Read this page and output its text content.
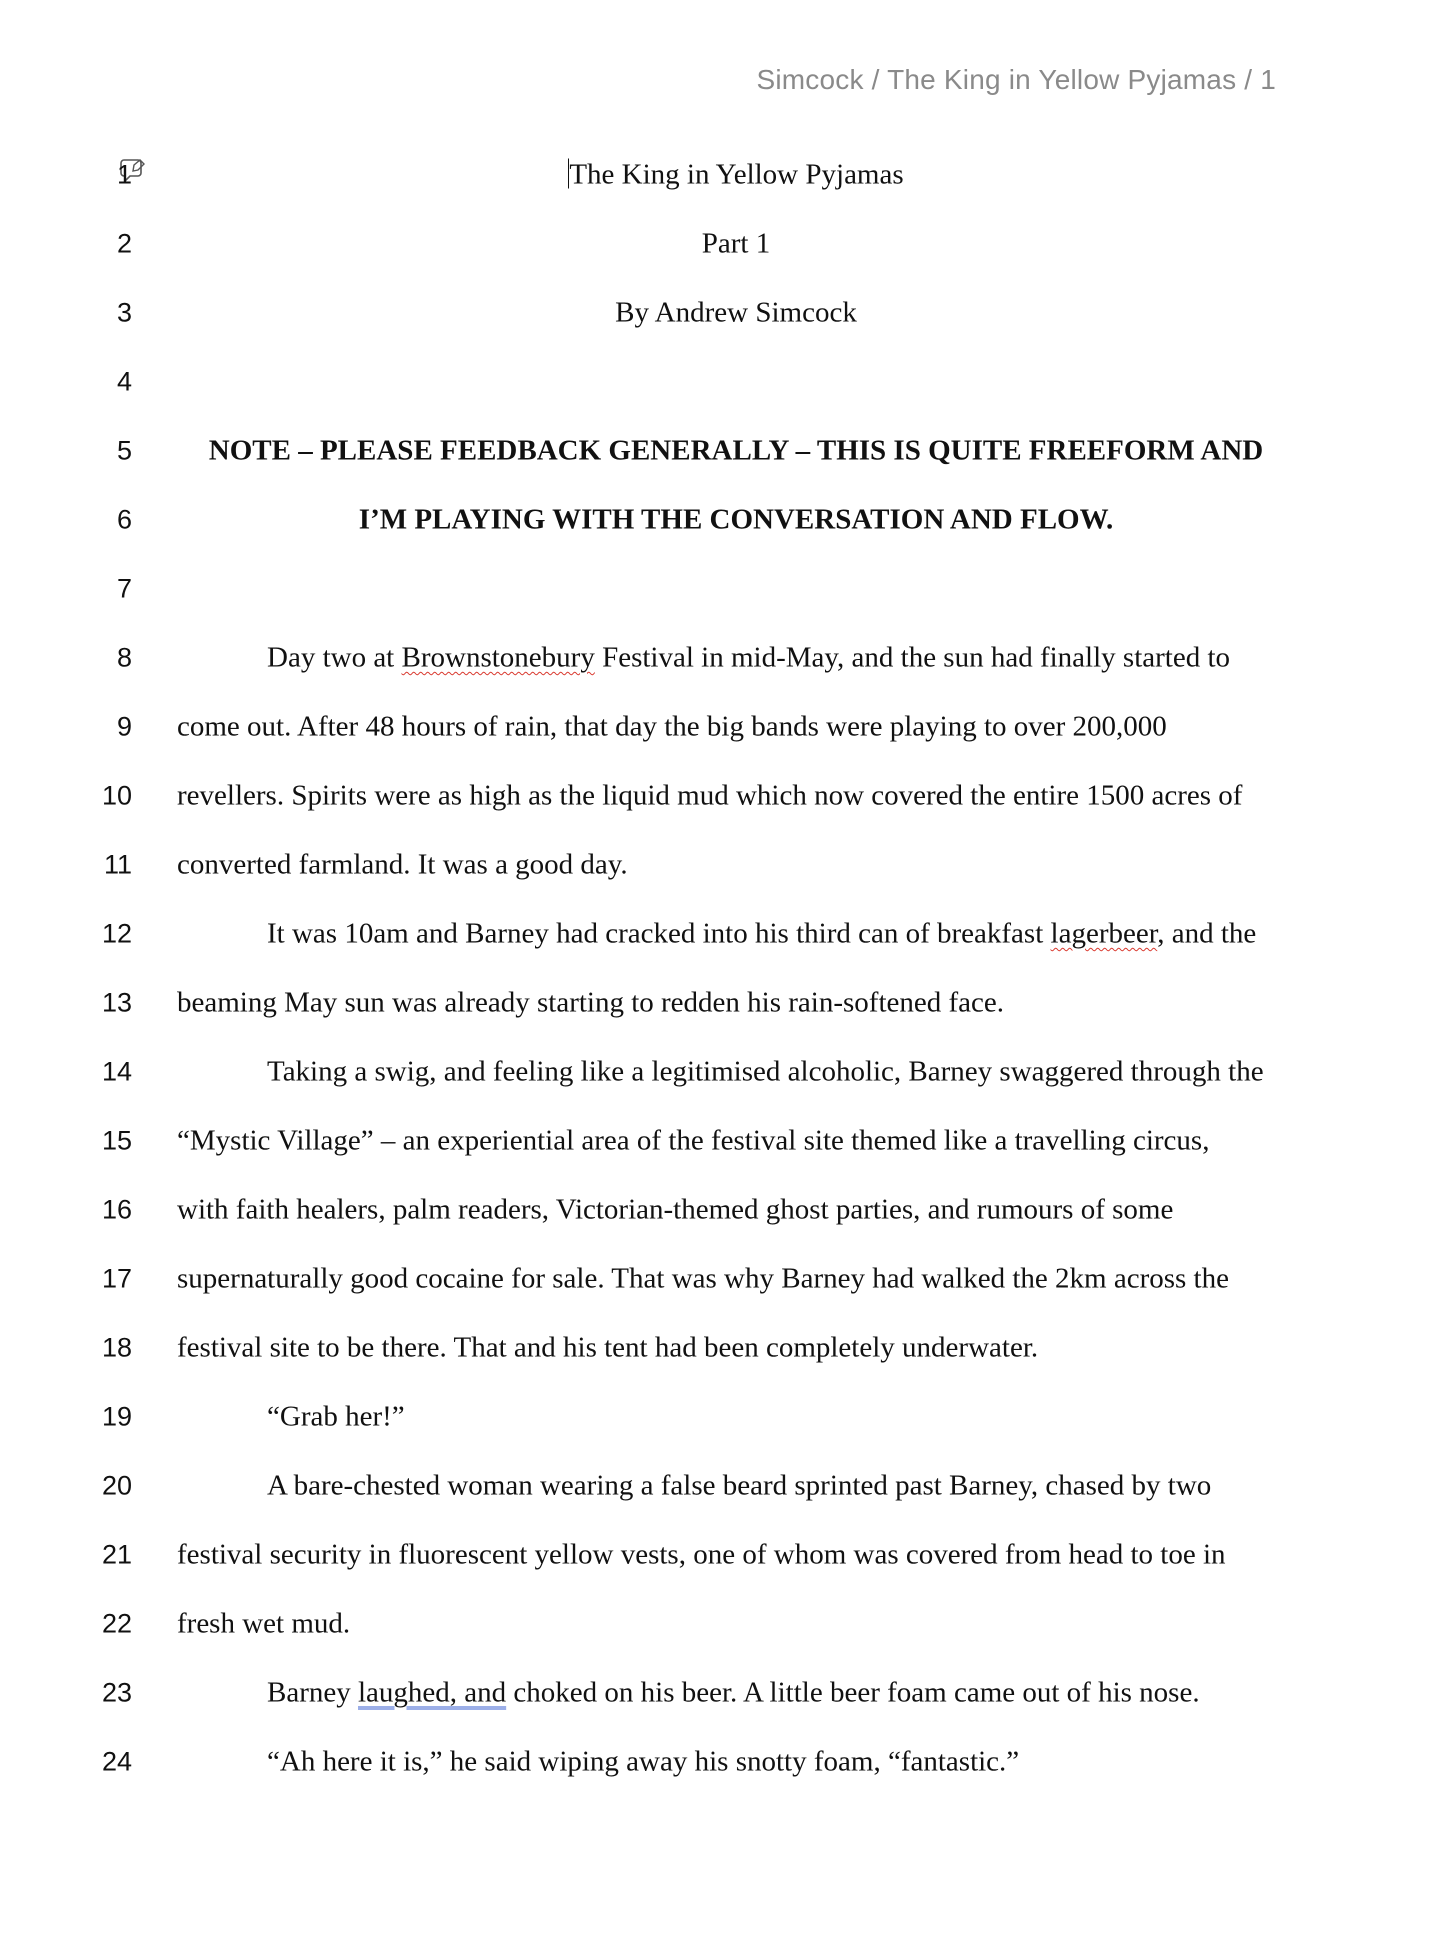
Simcock / The King in Yellow Pyjamas / 1
1	The King in Yellow Pyjamas
2	Part 1
3	By Andrew Simcock
4
5	NOTE – PLEASE FEEDBACK GENERALLY – THIS IS QUITE FREEFORM AND
6	I’M PLAYING WITH THE CONVERSATION AND FLOW.
7
8	Day two at Brownstonebury Festival in mid-May, and the sun had finally started to
9 come out. After 48 hours of rain, that day the big bands were playing to over 200,000
10 revellers. Spirits were as high as the liquid mud which now covered the entire 1500 acres of
11 converted farmland. It was a good day.
12	It was 10am and Barney had cracked into his third can of breakfast lagerbeer, and the
13 beaming May sun was already starting to redden his rain-softened face.
14	Taking a swig, and feeling like a legitimised alcoholic, Barney swaggered through the
15 “Mystic Village” – an experiential area of the festival site themed like a travelling circus,
16 with faith healers, palm readers, Victorian-themed ghost parties, and rumours of some
17 supernaturally good cocaine for sale. That was why Barney had walked the 2km across the
18 festival site to be there. That and his tent had been completely underwater.
19	“Grab her!”
20	A bare-chested woman wearing a false beard sprinted past Barney, chased by two
21 festival security in fluorescent yellow vests, one of whom was covered from head to toe in
22 fresh wet mud.
23	Barney laughed, and choked on his beer. A little beer foam came out of his nose.
24	“Ah here it is,” he said wiping away his snotty foam, “fantastic.”
